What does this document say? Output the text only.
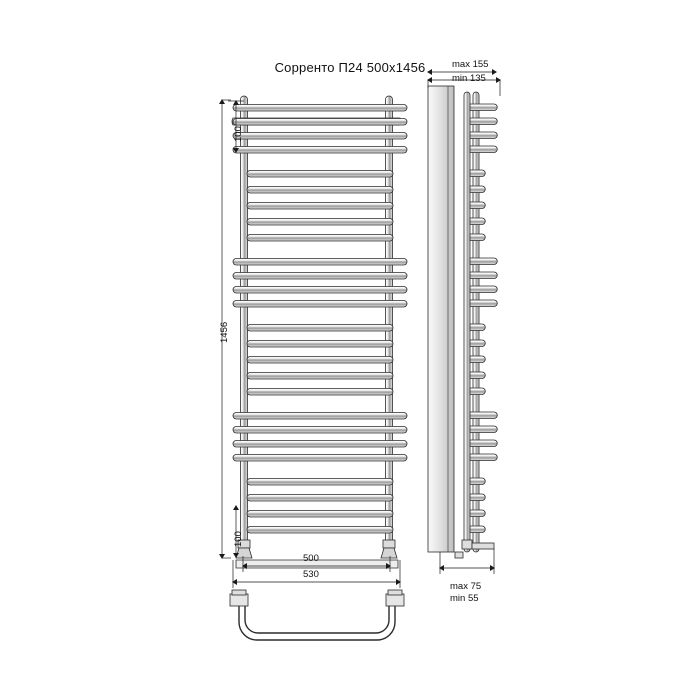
Сорренто П24 500x1456
1456
100
100
500
530
max 155
min 135
max 75
min 55
